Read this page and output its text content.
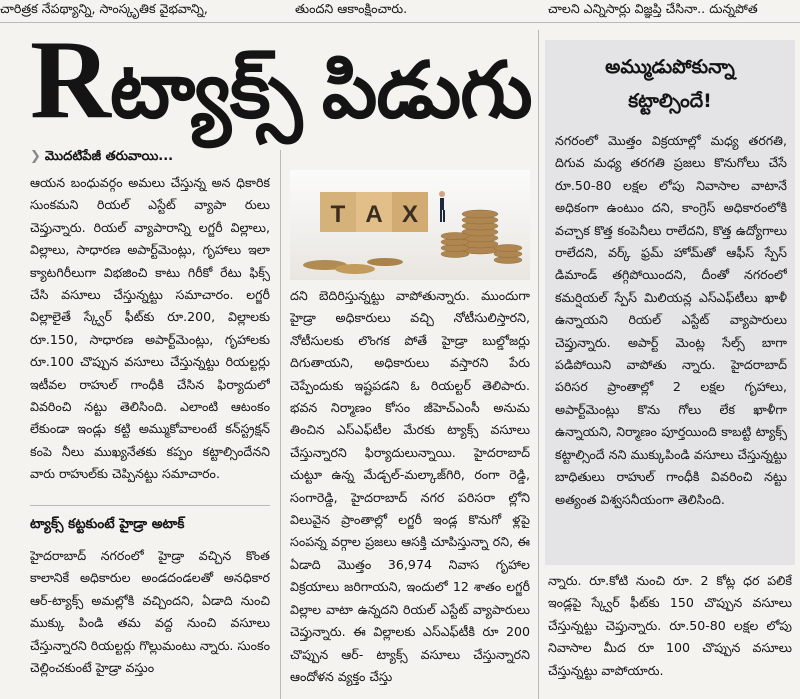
చారిత్రక నేపథ్యాన్ని, సాంస్కృతిక వైభవాన్ని,	తుందని ఆకాంక్షించారు.	చాలని ఎన్నిసార్లు విజ్ఞప్తి చేసినా.. దున్నపోత
Rట్యాక్స్ పిడుగు
❯ మొదటిపేజీ తరువాయి...

ఆయన బంధువర్గం అమలు చేస్తున్న అన ధికారిక సుంకమని రియల్ ఎస్టేట్ వ్యాపా రులు చెప్తున్నారు. రియల్ వ్యాపారాన్ని లగ్జరీ విల్లాలు, విల్లాలు, సాధారణ అపార్ట్‌మెంట్లు, గృహాలు ఇలా క్యాటగిరీలుగా విభజించి కాటు గిరీకో రేటు ఫిక్స్ చేసి వసూలు చేస్తున్నట్టు సమాచారం. లగ్జరీ విల్లాలైతే స్క్వేర్ ఫీట్‌కు రూ.200, విల్లాలకు రూ.150, సాధారణ అపార్ట్‌మెంట్లు, గృహాలకు రూ.100 చొప్పున వసూలు చేస్తున్నట్టు రియల్టర్లు ఇటీవల రాహుల్ గాంధీకి చేసిన ఫిర్యాదులో వివరించి నట్టు తెలిసింది. ఎలాంటి ఆటంకం లేకుండా ఇండ్లు కట్టి అమ్ముకోవాలంటే కన్‌స్ట్రక్షన్ కంపె నీలు ముఖ్యనేతకు కప్పం కట్టాల్సిందేనని వారు రాహుల్‌కు చెప్పినట్టు సమాచారం.

ట్యాక్స్ కట్టకుంటే హైడ్రా అటాక్

హైదరాబాద్ నగరంలో హైడ్రా వచ్చిన కొంత కాలానికే అధికారుల అండదండలతో అనధికార ఆర్-ట్యాక్స్ అమల్లోకి వచ్చిందని, ఏడాది నుంచి ముక్కు పిండి తమ వద్ద నుంచి వసూలు చేస్తున్నారని రియల్టర్లు గొల్లుమంటు న్నారు. సుంకం చెల్లించకుంటే హైడ్రా వస్తుం

T A X

దని బెదిరిస్తున్నట్టు వాపోతున్నారు. ముందుగా హైడ్రా అధికారులు వచ్చి నోటీసులిస్తారని, నోటీసులకు లొంగక పోతే హైడ్రా బుల్డోజర్లు దిగుతాయని, అధికారులు వస్తారని పేరు చెప్పేందుకు ఇష్టపడని ఓ రియల్టర్ తెలిపారు. భవన నిర్మాణం కోసం జీహెచ్ఎంసీ అనుమ తించిన ఎస్ఎఫ్‌టీల మేరకు ట్యాక్స్ వసూలు చేస్తున్నారని ఫిర్యాదులున్నాయి. హైదరాబాద్ చుట్టూ ఉన్న మేడ్చల్-మల్కాజ్‌గిరి, రంగా రెడ్డి, సంగారెడ్డి, హైదరాబాద్ నగర పరిసరా ల్లోని విలువైన ప్రాంతాల్లో లగ్జరీ ఇండ్ల కొనుగో ళ్లపై సంపన్న వర్గాల ప్రజలు ఆసక్తి చూపిస్తున్నా రని, ఈ ఏడాది మొత్తం 36,974 నివాస గృహాల విక్రయాలు జరిగాయని, ఇందులో 12 శాతం లగ్జరీ విల్లాల వాటా ఉన్నదని రియల్ ఎస్టేట్ వ్యాపారులు చెప్తున్నారు. ఈ విల్లాలకు ఎస్ఎఫ్‌టీకి రూ 200 చొప్పున ఆర్- ట్యాక్స్ వసూలు చేస్తున్నారని ఆందోళన వ్యక్తం చేస్తు

అమ్ముడుపోకున్నా
కట్టాల్సిందే!

నగరంలో మొత్తం విక్రయాల్లో మధ్య తరగతి, దిగువ మధ్య తరగతి ప్రజలు కొనుగోలు చేసే రూ.50-80 లక్షల లోపు నివాసాల వాటానే అధికంగా ఉంటుం దని, కాంగ్రెస్ అధికారంలోకి వచ్చాక కొత్త కంపెనీలు రాలేదని, కొత్త ఉద్యోగాలు రాలేదని, వర్క్ ఫ్రమ్ హోమ్‌తో ఆఫీస్ స్పేస్ డిమాండ్ తగ్గిపోయిందని, దీంతో నగరంలో కమర్షియల్ స్పేస్ మిలియన్ల ఎస్ఎఫ్‌టీలు ఖాళీ ఉన్నాయని రియల్ ఎస్టేట్ వ్యాపారులు చెప్తున్నారు. అపార్ట్ మెంట్ల సేల్స్ బాగా పడిపోయిని వాపోతు న్నారు. హైదరాబాద్ పరిసర ప్రాంతాల్లో 2 లక్షల గృహాలు, అపార్ట్‌మెంట్లు కొను గోలు లేక ఖాళీగా ఉన్నాయని, నిర్మాణం పూర్తయింది కాబట్టి ట్యాక్స్ కట్టాల్సిందే నని ముక్కుపిండి వసూలు చేస్తున్నట్టు బాధితులు రాహుల్ గాంధీకి వివరించి నట్టు అత్యంత విశ్వసనీయంగా తెలిసింది.

న్నారు. రూ.కోటి నుంచి రూ. 2 కోట్ల ధర పలికే ఇండ్లపై స్క్వేర్ ఫీట్‌కు 150 చొప్పున వసూలు చేస్తున్నట్టు చెప్తున్నారు. రూ.50-80 లక్షల లోపు నివాసాల మీద రూ 100 చొప్పున వసూలు చేస్తున్నట్టు వాపోయారు.
